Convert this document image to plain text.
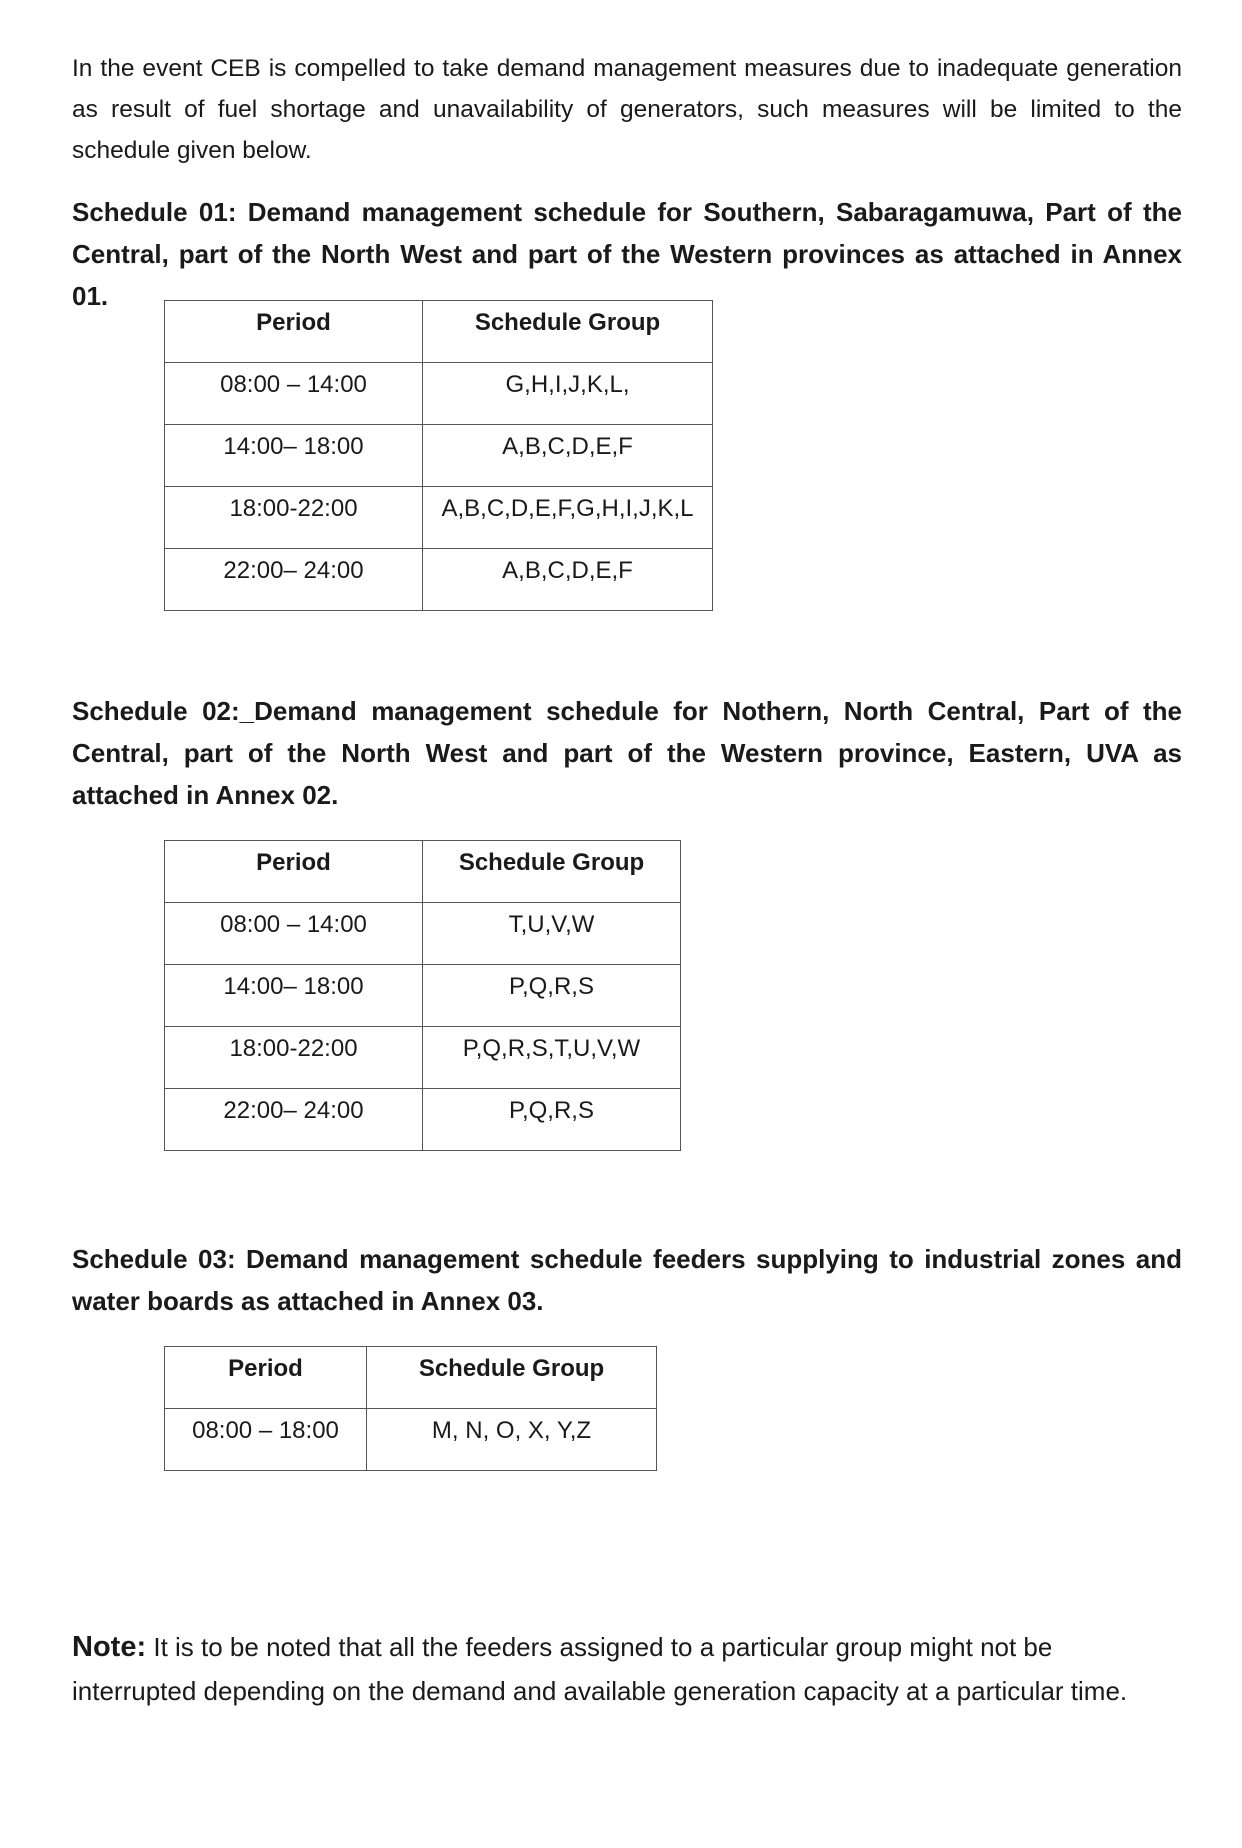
In the event CEB is compelled to take demand management measures due to inadequate generation as result of fuel shortage and unavailability of generators, such measures will be limited to the schedule given below.

Schedule 01: Demand management schedule for Southern, Sabaragamuwa, Part of the Central, part of the North West and part of the Western provinces as attached in Annex 01.

Period	Schedule Group
08:00 – 14:00	G,H,I,J,K,L,
14:00– 18:00	A,B,C,D,E,F
18:00-22:00	A,B,C,D,E,F,G,H,I,J,K,L
22:00– 24:00	A,B,C,D,E,F

Schedule 02:_Demand management schedule for Nothern, North Central, Part of the Central, part of the North West and part of the Western province, Eastern, UVA as attached in Annex 02.

Period	Schedule Group
08:00 – 14:00	T,U,V,W
14:00– 18:00	P,Q,R,S
18:00-22:00	P,Q,R,S,T,U,V,W
22:00– 24:00	P,Q,R,S

Schedule 03: Demand management schedule feeders supplying to industrial zones and water boards as attached in Annex 03.

Period	Schedule Group
08:00 – 18:00	M, N, O, X, Y,Z

Note: It is to be noted that all the feeders assigned to a particular group might not be interrupted depending on the demand and available generation capacity at a particular time.
